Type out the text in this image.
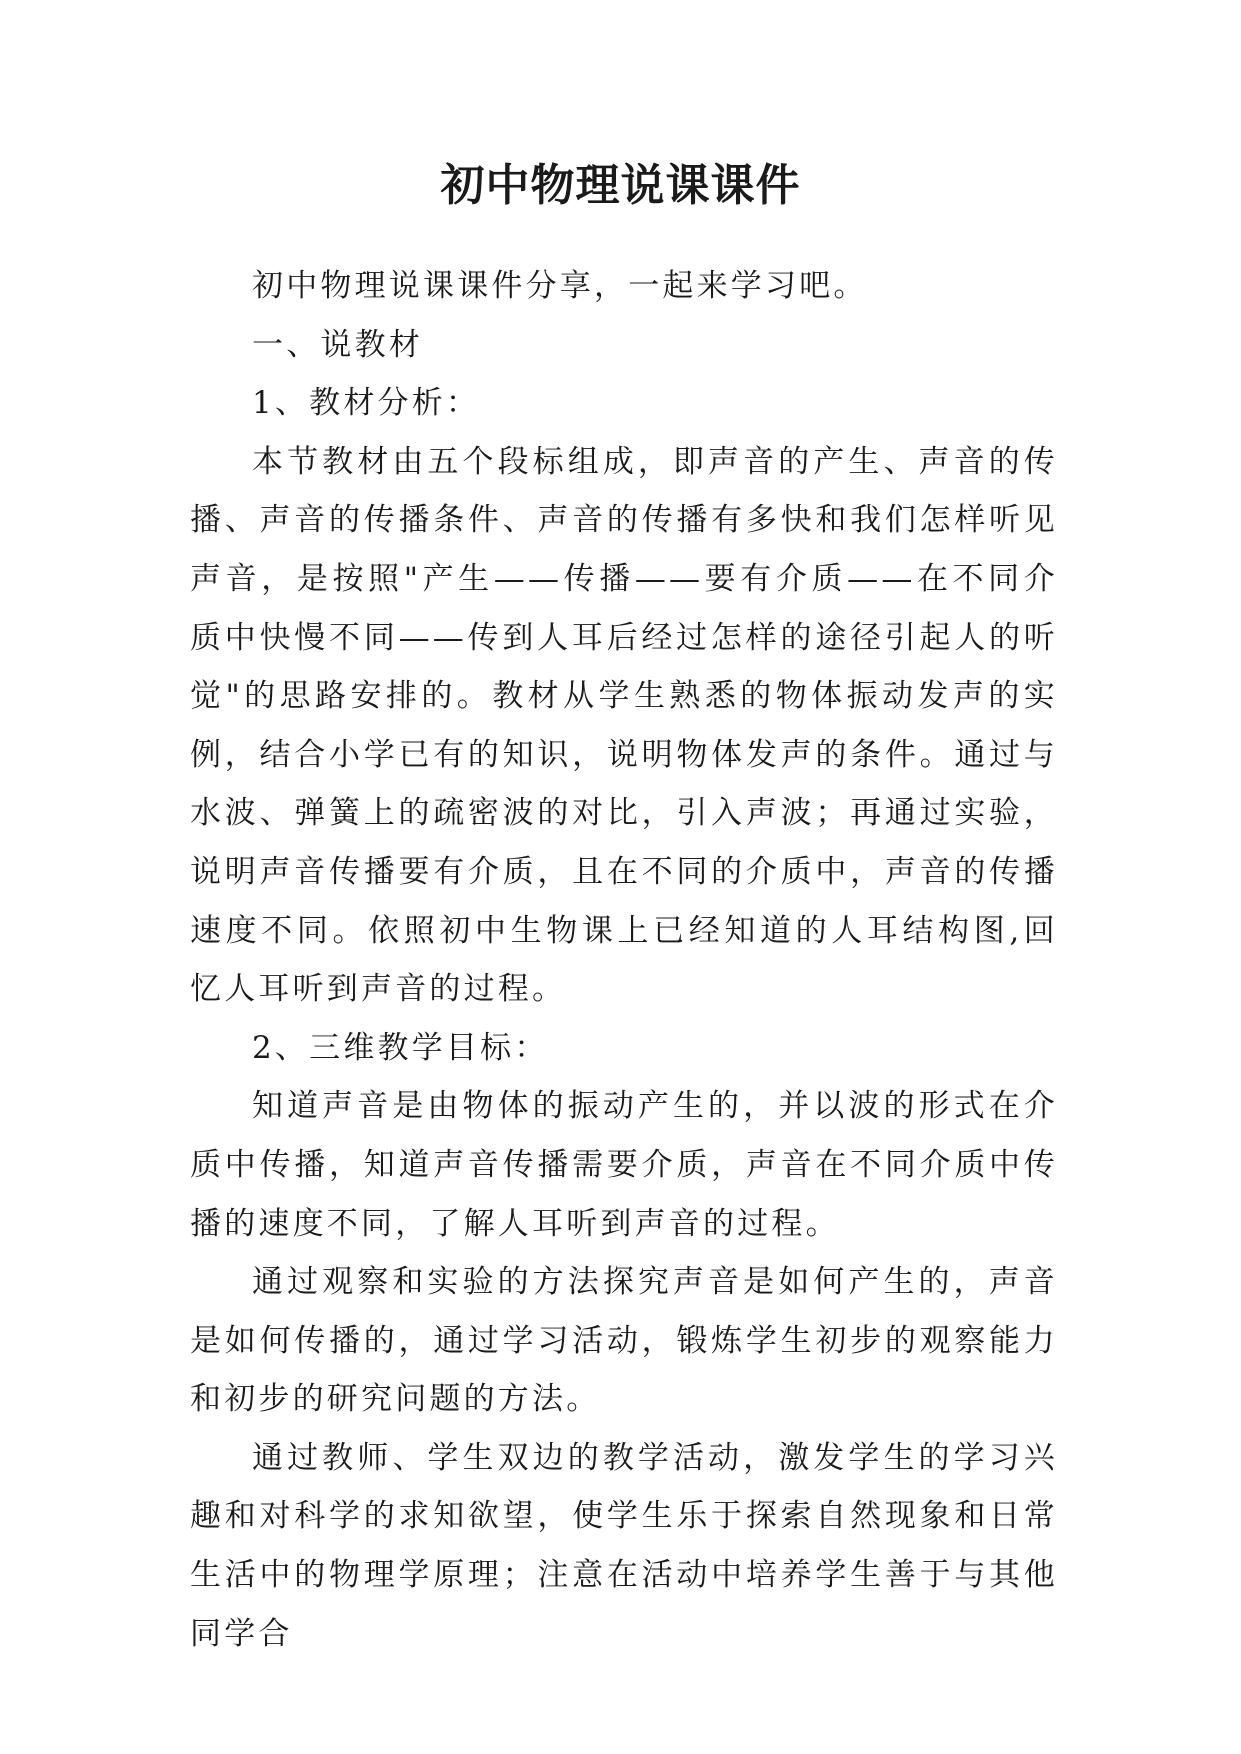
初中物理说课课件

初中物理说课课件分享，一起来学习吧。

一、说教材

1、教材分析：

本节教材由五个段标组成，即声音的产生、声音的传播、声音的传播条件、声音的传播有多快和我们怎样听见声音，是按照"产生——传播——要有介质——在不同介质中快慢不同——传到人耳后经过怎样的途径引起人的听觉"的思路安排的。教材从学生熟悉的物体振动发声的实例，结合小学已有的知识，说明物体发声的条件。通过与水波、弹簧上的疏密波的对比，引入声波；再通过实验，说明声音传播要有介质，且在不同的介质中，声音的传播速度不同。依照初中生物课上已经知道的人耳结构图,回忆人耳听到声音的过程。

2、三维教学目标：

知道声音是由物体的振动产生的，并以波的形式在介质中传播，知道声音传播需要介质，声音在不同介质中传播的速度不同，了解人耳听到声音的过程。

通过观察和实验的方法探究声音是如何产生的，声音是如何传播的，通过学习活动，锻炼学生初步的观察能力和初步的研究问题的方法。

通过教师、学生双边的教学活动，激发学生的学习兴趣和对科学的求知欲望，使学生乐于探索自然现象和日常生活中的物理学原理；注意在活动中培养学生善于与其他同学合
